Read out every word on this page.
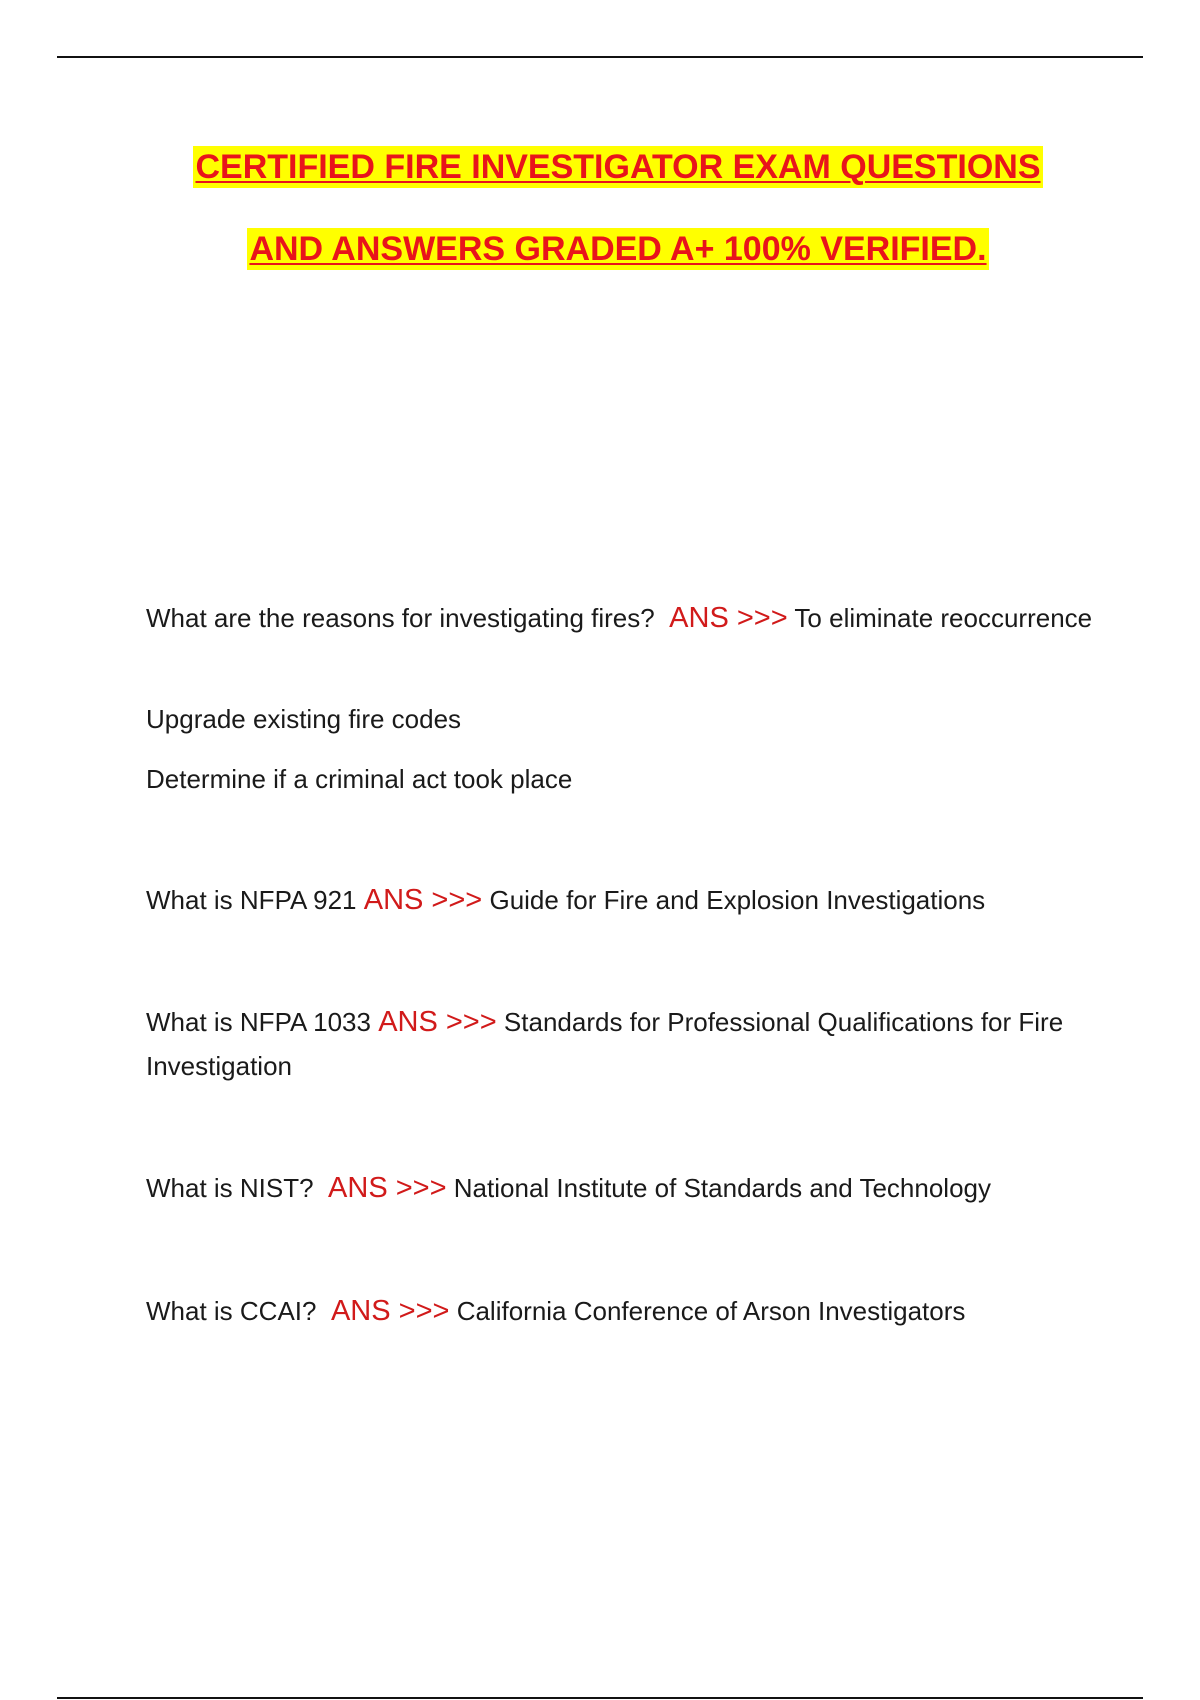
CERTIFIED FIRE INVESTIGATOR EXAM QUESTIONS
AND ANSWERS GRADED A+ 100% VERIFIED.
What are the reasons for investigating fires? ANS >>> To eliminate reoccurrence
Upgrade existing fire codes
Determine if a criminal act took place
What is NFPA 921 ANS >>> Guide for Fire and Explosion Investigations
What is NFPA 1033 ANS >>> Standards for Professional Qualifications for Fire Investigation
What is NIST? ANS >>> National Institute of Standards and Technology
What is CCAI? ANS >>> California Conference of Arson Investigators
